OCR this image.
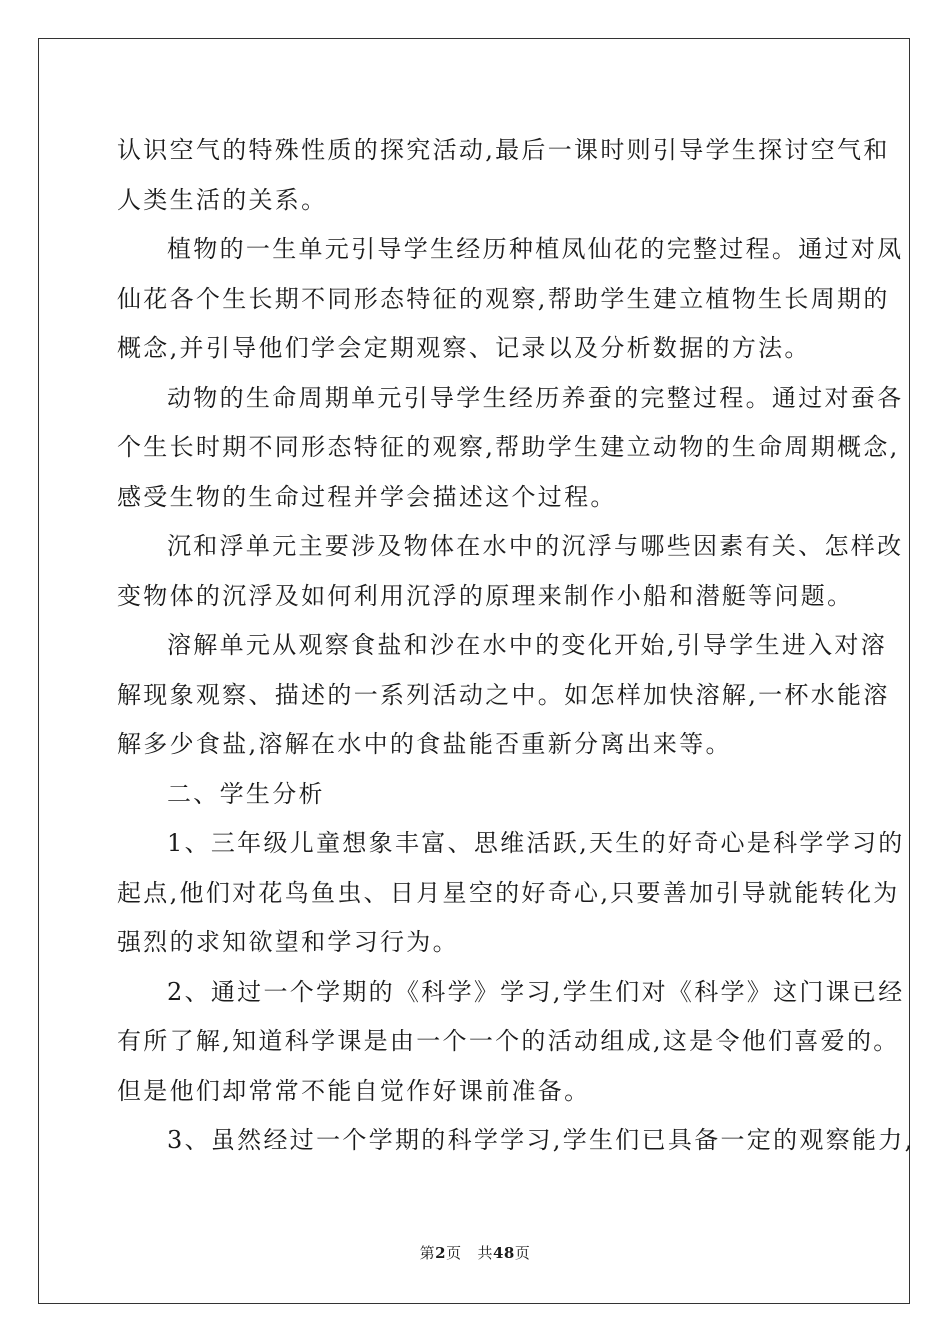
认识空气的特殊性质的探究活动,最后一课时则引导学生探讨空气和
人类生活的关系。
植物的一生单元引导学生经历种植凤仙花的完整过程。通过对凤
仙花各个生长期不同形态特征的观察,帮助学生建立植物生长周期的
概念,并引导他们学会定期观察、记录以及分析数据的方法。
动物的生命周期单元引导学生经历养蚕的完整过程。通过对蚕各
个生长时期不同形态特征的观察,帮助学生建立动物的生命周期概念,
感受生物的生命过程并学会描述这个过程。
沉和浮单元主要涉及物体在水中的沉浮与哪些因素有关、怎样改
变物体的沉浮及如何利用沉浮的原理来制作小船和潜艇等问题。
溶解单元从观察食盐和沙在水中的变化开始,引导学生进入对溶
解现象观察、描述的一系列活动之中。如怎样加快溶解,一杯水能溶
解多少食盐,溶解在水中的食盐能否重新分离出来等。
二、学生分析
1、三年级儿童想象丰富、思维活跃,天生的好奇心是科学学习的
起点,他们对花鸟鱼虫、日月星空的好奇心,只要善加引导就能转化为
强烈的求知欲望和学习行为。
2、通过一个学期的《科学》学习,学生们对《科学》这门课已经
有所了解,知道科学课是由一个一个的活动组成,这是令他们喜爱的。
但是他们却常常不能自觉作好课前准备。
3、虽然经过一个学期的科学学习,学生们已具备一定的观察能力,
第2页 共48页
